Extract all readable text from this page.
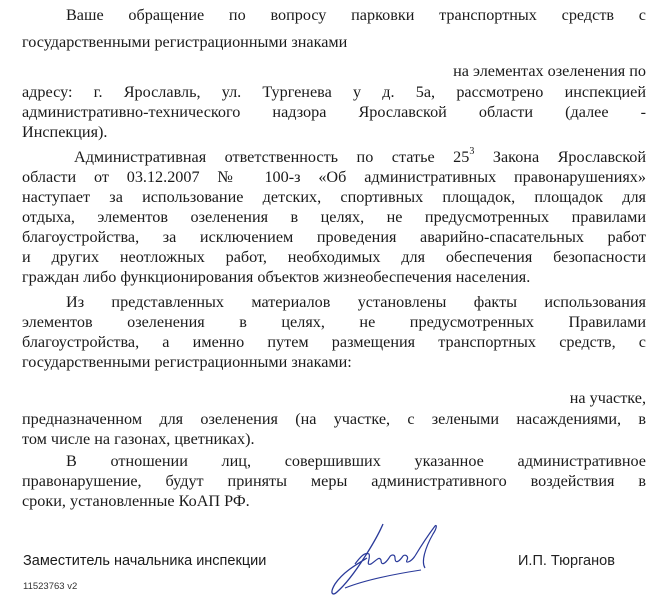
Ваше обращение по вопросу парковки транспортных средств с
государственными регистрационными знаками
на элементах озеленения по
адресу: г. Ярославль, ул. Тургенева у д. 5а, рассмотрено инспекцией
административно-технического надзора Ярославской области (далее -
Инспекция).
Административная ответственность по статье $25^3$ Закона Ярославской
области от 03.12.2007 № 100-з «Об административных правонарушениях»
наступает за использование детских, спортивных площадок, площадок для
отдыха, элементов озеленения в целях, не предусмотренных правилами
благоустройства, за исключением проведения аварийно-спасательных работ
и других неотложных работ, необходимых для обеспечения безопасности
граждан либо функционирования объектов жизнеобеспечения населения.
Из представленных материалов установлены факты использования
элементов озеленения в целях, не предусмотренных Правилами
благоустройства, а именно путем размещения транспортных средств, с
государственными регистрационными знаками:
на участке,
предназначенном для озеленения (на участке, с зелеными насаждениями, в
том числе на газонах, цветниках).
В отношении лиц, совершивших указанное административное
правонарушение, будут приняты меры административного воздействия в
сроки, установленные КоАП РФ.
Заместитель начальника инспекции	И.П. Тюрганов
11523763 v2
